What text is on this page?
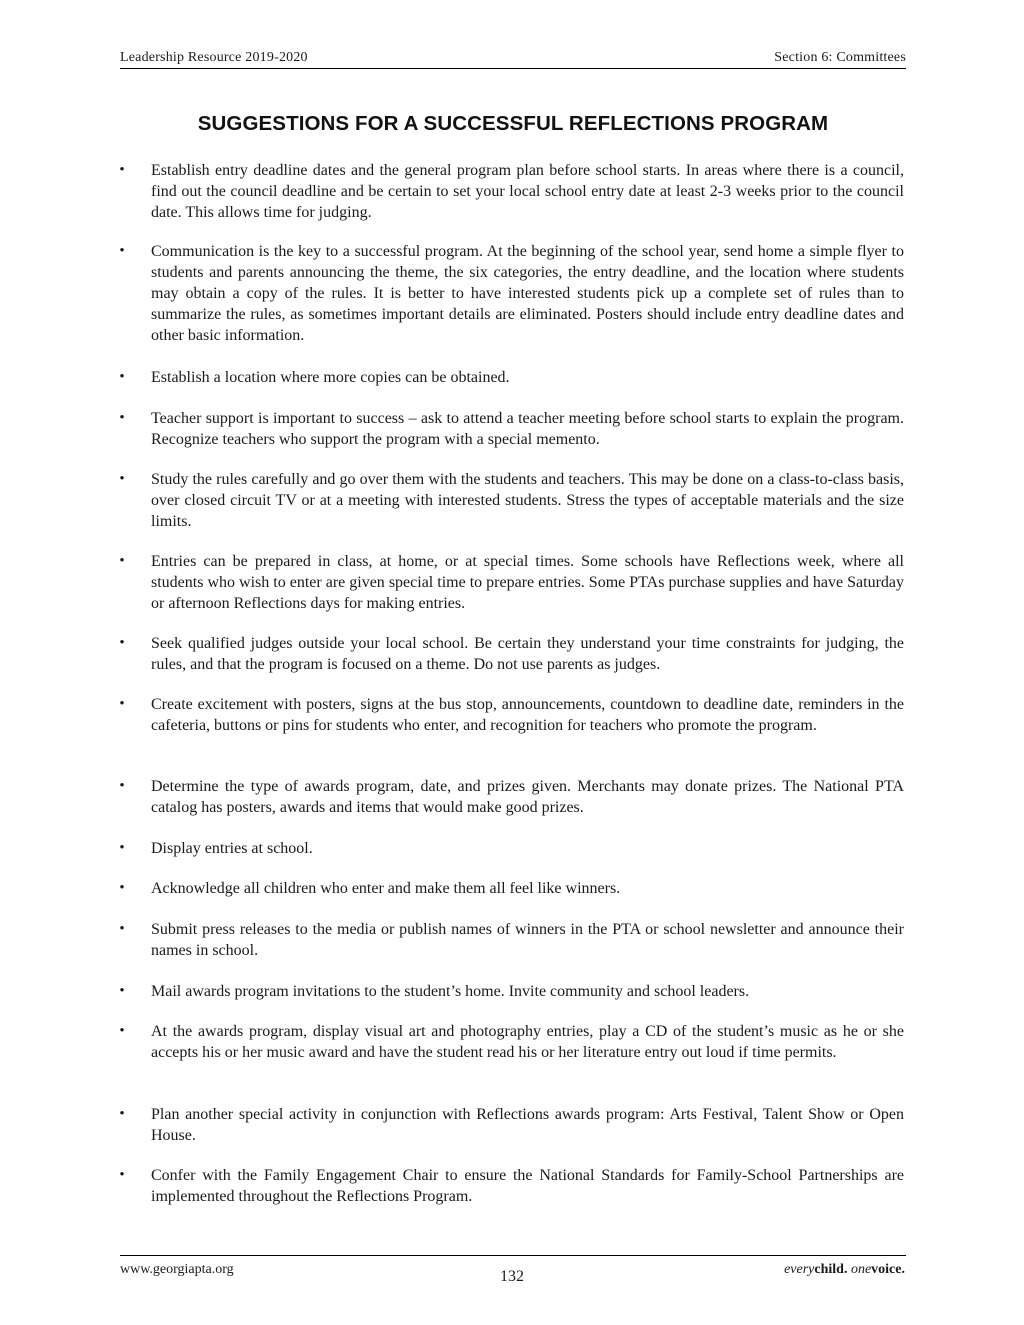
Leadership Resource 2019-2020	Section 6: Committees
SUGGESTIONS FOR A SUCCESSFUL REFLECTIONS PROGRAM
• Establish entry deadline dates and the general program plan before school starts. In areas where there is a council, find out the council deadline and be certain to set your local school entry date at least 2-3 weeks prior to the council date. This allows time for judging.
• Communication is the key to a successful program. At the beginning of the school year, send home a simple flyer to students and parents announcing the theme, the six categories, the entry deadline, and the location where students may obtain a copy of the rules. It is better to have interested students pick up a complete set of rules than to summarize the rules, as sometimes important details are eliminated. Posters should include entry deadline dates and other basic information.
• Establish a location where more copies can be obtained.
• Teacher support is important to success – ask to attend a teacher meeting before school starts to explain the program. Recognize teachers who support the program with a special memento.
• Study the rules carefully and go over them with the students and teachers. This may be done on a class-to-class basis, over closed circuit TV or at a meeting with interested students. Stress the types of acceptable materials and the size limits.
• Entries can be prepared in class, at home, or at special times. Some schools have Reflections week, where all students who wish to enter are given special time to prepare entries. Some PTAs purchase supplies and have Saturday or afternoon Reflections days for making entries.
• Seek qualified judges outside your local school. Be certain they understand your time constraints for judging, the rules, and that the program is focused on a theme. Do not use parents as judges.
• Create excitement with posters, signs at the bus stop, announcements, countdown to deadline date, reminders in the cafeteria, buttons or pins for students who enter, and recognition for teachers who promote the program.
• Determine the type of awards program, date, and prizes given. Merchants may donate prizes. The National PTA catalog has posters, awards and items that would make good prizes.
• Display entries at school.
• Acknowledge all children who enter and make them all feel like winners.
• Submit press releases to the media or publish names of winners in the PTA or school newsletter and announce their names in school.
• Mail awards program invitations to the student’s home. Invite community and school leaders.
• At the awards program, display visual art and photography entries, play a CD of the student’s music as he or she accepts his or her music award and have the student read his or her literature entry out loud if time permits.
• Plan another special activity in conjunction with Reflections awards program: Arts Festival, Talent Show or Open House.
• Confer with the Family Engagement Chair to ensure the National Standards for Family-School Partnerships are implemented throughout the Reflections Program.
www.georgiapta.org	132	everychild. onevoice.
